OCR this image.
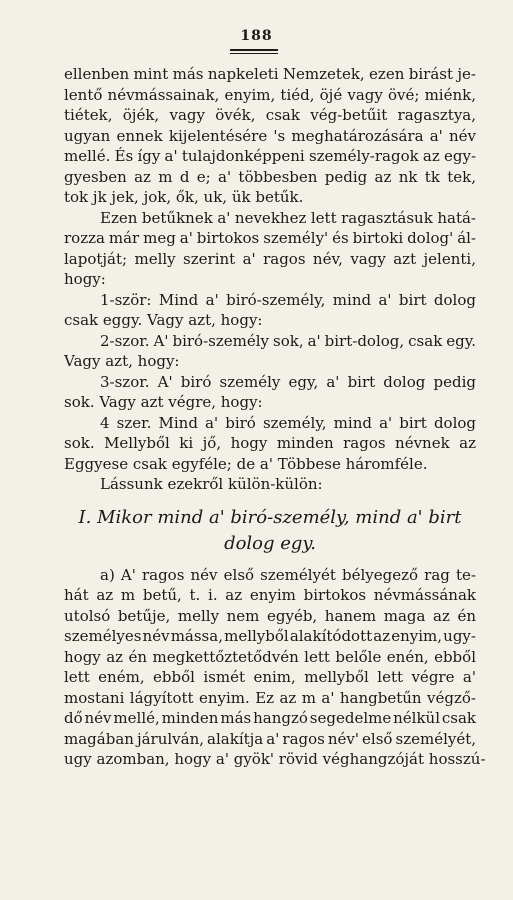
188
ellenben mint más napkeleti Nemzetek, ezen birást je-
lentő névmássainak, enyim, tiéd, öjé vagy övé; miénk,
tiétek, öjék, vagy övék, csak vég-betűit ragasztya,
ugyan ennek kijelentésére 's meghatározására a' név
mellé. És így a' tulajdonképpeni személy-ragok az egy-
gyesben az m d e; a' többesben pedig az nk tk tek,
tok jk jek, jok, ők, uk, ük betűk.
Ezen betűknek a' nevekhez lett ragasztásuk hatá-
rozza már meg a' birtokos személy' és birtoki dolog' ál-
lapotját; melly szerint a' ragos név, vagy azt jelenti,
hogy:
1-ször: Mind a' biró-személy, mind a' birt dolog
csak eggy. Vagy azt, hogy:
2-szor. A' biró-személy sok, a' birt-dolog, csak egy.
Vagy azt, hogy:
3-szor. A' biró személy egy, a' birt dolog pedig
sok. Vagy azt végre, hogy:
4 szer. Mind a' biró személy, mind a' birt dolog
sok. Mellyből ki jő, hogy minden ragos névnek az
Eggyese csak egyféle; de a' Többese háromféle.
Lássunk ezekről külön-külön:
I. Mikor mind a' biró-személy, mind a' birt
dolog egy.
a) A' ragos név első személyét bélyegező rag te-
hát az m betű, t. i. az enyim birtokos névmássának
utolsó betűje, melly nem egyéb, hanem maga az én
személyes név mássa, mellyből alakítódott az enyim, ugy-
hogy az én megkettőztetődvén lett belőle enén, ebből
lett eném, ebből ismét enim, mellyből lett végre a'
mostani lágyított enyim. Ez az m a' hangbetűn végző-
dő név mellé, minden más hangzó segedelme nélkül csak
magában járulván, alakítja a' ragos név' első személyét,
ugy azomban, hogy a' gyök' rövid véghangzóját hosszú-
